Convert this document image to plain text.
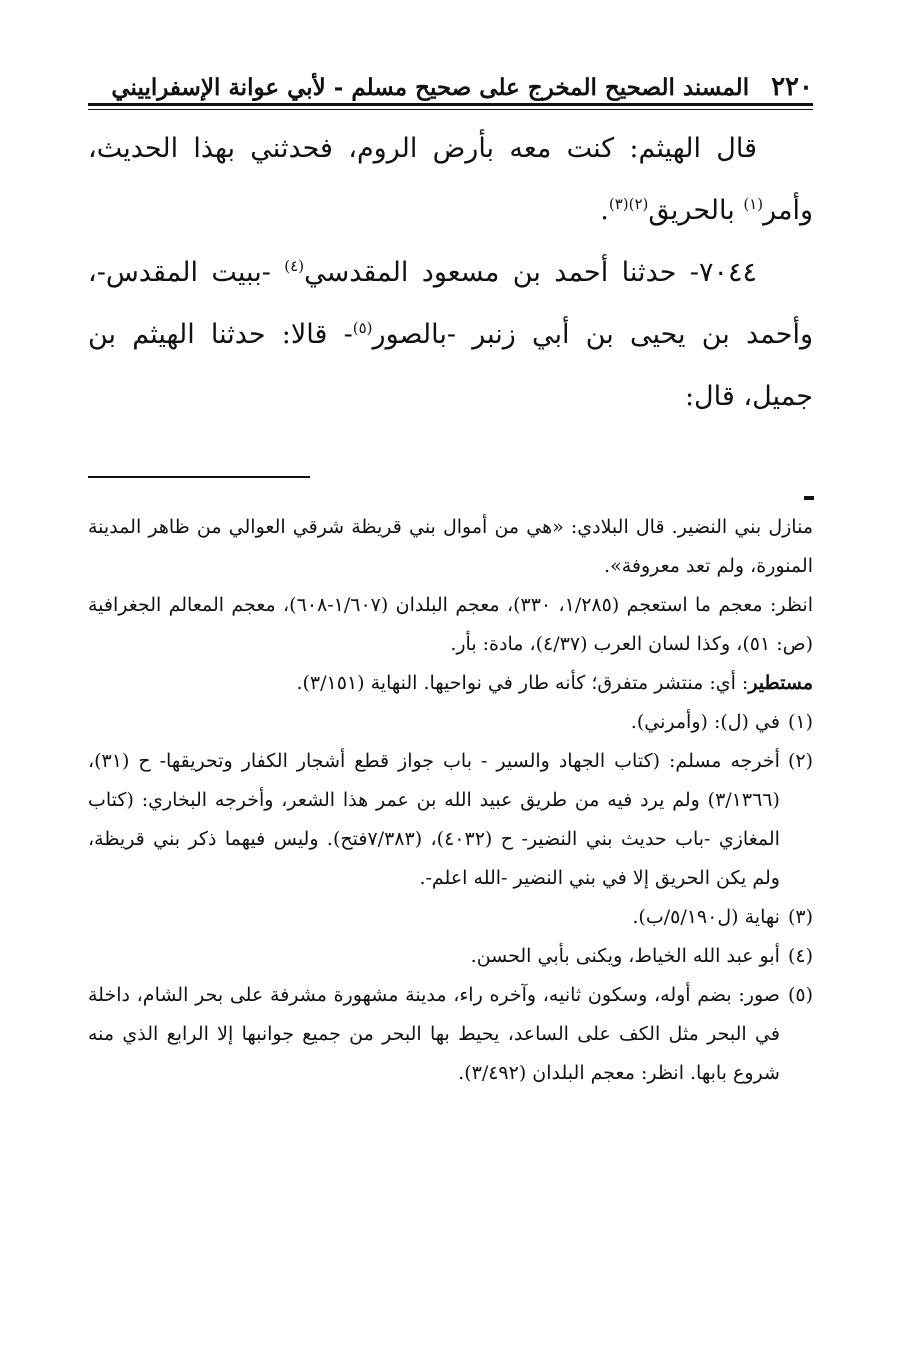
٢٢٠
المسند الصحيح المخرج على صحيح مسلم - لأبي عوانة الإسفراييني

قال الهيثم: كنت معه بأرض الروم، فحدثني بهذا الحديث، وأمر$^{(١)}$ بالحريق$^{(٢)(٣)}$.

٧٠٤٤- حدثنا أحمد بن مسعود المقدسي$^{(٤)}$ -ببيت المقدس-، وأحمد بن يحيى بن أبي زنبر -بالصور$^{(٥)}$- قالا: حدثنا الهيثم بن جميل، قال:

منازل بني النضير. قال البلادي: «هي من أموال بني قريظة شرقي العوالي من ظاهر المدينة المنورة، ولم تعد معروفة».

انظر: معجم ما استعجم (١/٢٨٥، ٣٣٠)، معجم البلدان (١/٦٠٧-٦٠٨)، معجم المعالم الجغرافية (ص: ٥١)، وكذا لسان العرب (٤/٣٧)، مادة: بأر.

مستطير: أي: منتشر متفرق؛ كأنه طار في نواحيها. النهاية (٣/١٥١).

(١)
في (ل): (وأمرني).
(٢)
أخرجه مسلم: (كتاب الجهاد والسير - باب جواز قطع أشجار الكفار وتحريقها- ح (٣١)، (٣/١٣٦٦) ولم يرد فيه من طريق عبيد الله بن عمر هذا الشعر، وأخرجه البخاري: (كتاب المغازي -باب حديث بني النضير- ح (٤٠٣٢)، (٧/٣٨٣فتح). وليس فيهما ذكر بني قريظة، ولم يكن الحريق إلا في بني النضير -الله اعلم-.
(٣)
نهاية (ل٥/١٩٠/ب).
(٤)
أبو عبد الله الخياط، ويكنى بأبي الحسن.
(٥)
صور: بضم أوله، وسكون ثانيه، وآخره راء، مدينة مشهورة مشرفة على بحر الشام، داخلة في البحر مثل الكف على الساعد، يحيط بها البحر من جميع جوانبها إلا الرابع الذي منه شروع بابها. انظر: معجم البلدان (٣/٤٩٢).
